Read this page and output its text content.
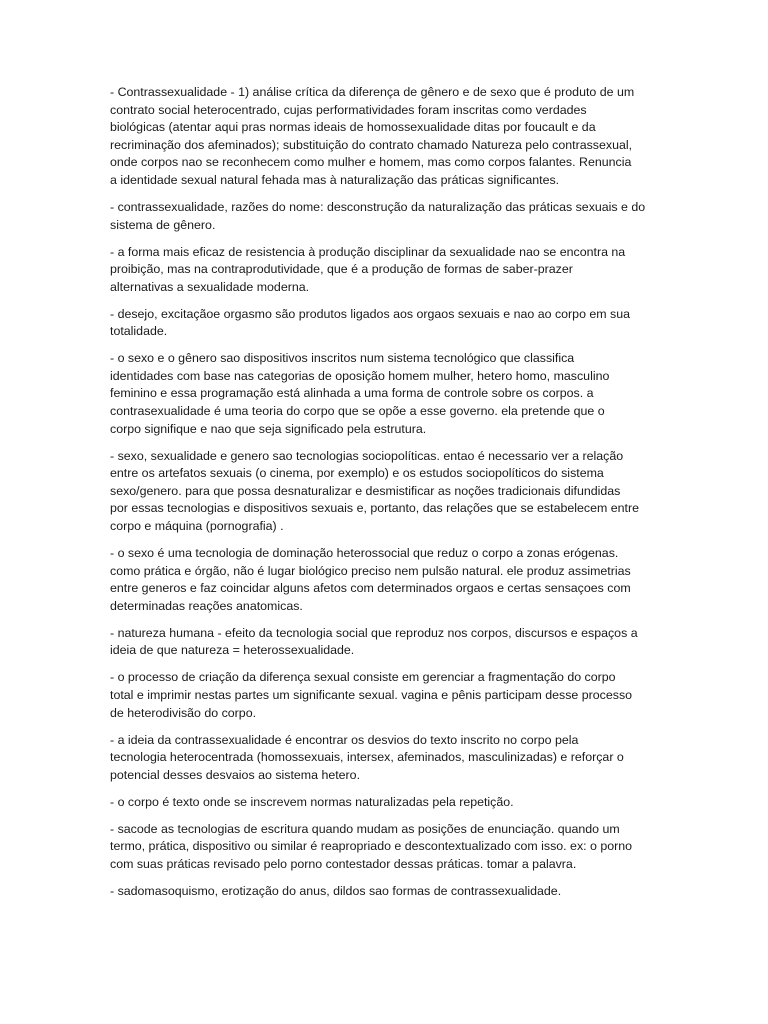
- Contrassexualidade - 1) análise crítica da diferença de gênero e de sexo que é produto de um
contrato social heterocentrado, cujas performatividades foram inscritas como verdades
biológicas (atentar aqui pras normas ideais de homossexualidade ditas por foucault e da
recriminação dos afeminados); substituição do contrato chamado Natureza pelo contrassexual,
onde corpos nao se reconhecem como mulher e homem, mas como corpos falantes. Renuncia
a identidade sexual natural fehada mas à naturalização das práticas significantes.

- contrassexualidade, razões do nome: desconstrução da naturalização das práticas sexuais e do
sistema de gênero.

- a forma mais eficaz de resistencia à produção disciplinar da sexualidade nao se encontra na
proibição, mas na contraprodutividade, que é a produção de formas de saber-prazer
alternativas a sexualidade moderna.

- desejo, excitaçãoe orgasmo são produtos ligados aos orgaos sexuais e nao ao corpo em sua
totalidade.

- o sexo e o gênero sao dispositivos inscritos num sistema tecnológico que classifica
identidades com base nas categorias de oposição homem mulher, hetero homo, masculino
feminino e essa programação está alinhada a uma forma de controle sobre os corpos. a
contrasexualidade é uma teoria do corpo que se opõe a esse governo. ela pretende que o
corpo signifique e nao que seja significado pela estrutura.

- sexo, sexualidade e genero sao tecnologias sociopolíticas. entao é necessario ver a relação
entre os artefatos sexuais (o cinema, por exemplo) e os estudos sociopolíticos do sistema
sexo/genero. para que possa desnaturalizar e desmistificar as noções tradicionais difundidas
por essas tecnologias e dispositivos sexuais e, portanto, das relações que se estabelecem entre
corpo e máquina (pornografia) .

- o sexo é uma tecnologia de dominação heterossocial que reduz o corpo a zonas erógenas.
como prática e órgão, não é lugar biológico preciso nem pulsão natural. ele produz assimetrias
entre generos e faz coincidar alguns afetos com determinados orgaos e certas sensaçoes com
determinadas reações anatomicas.

- natureza humana - efeito da tecnologia social que reproduz nos corpos, discursos e espaços a
ideia de que natureza = heterossexualidade.

- o processo de criação da diferença sexual consiste em gerenciar a fragmentação do corpo
total e imprimir nestas partes um significante sexual. vagina e pênis participam desse processo
de heterodivisão do corpo.

- a ideia da contrassexualidade é encontrar os desvios do texto inscrito no corpo pela
tecnologia heterocentrada (homossexuais, intersex, afeminados, masculinizadas) e reforçar o
potencial desses desvaios ao sistema hetero.

- o corpo é texto onde se inscrevem normas naturalizadas pela repetição.

- sacode as tecnologias de escritura quando mudam as posições de enunciação. quando um
termo, prática, dispositivo ou similar é reapropriado e descontextualizado com isso. ex: o porno
com suas práticas revisado pelo porno contestador dessas práticas. tomar a palavra.

- sadomasoquismo, erotização do anus, dildos sao formas de contrassexualidade.
